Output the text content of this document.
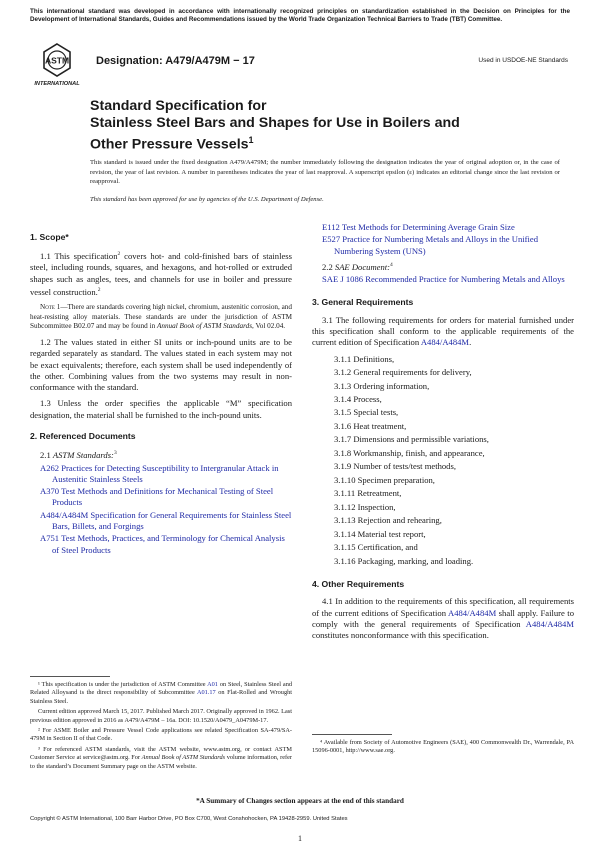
This international standard was developed in accordance with internationally recognized principles on standardization established in the Decision on Principles for the Development of International Standards, Guides and Recommendations issued by the World Trade Organization Technical Barriers to Trade (TBT) Committee.
ASTM
INTERNATIONAL
Designation: A479/A479M − 17	Used in USDOE-NE Standards
Standard Specification for
Stainless Steel Bars and Shapes for Use in Boilers and
Other Pressure Vessels$^1$
This standard is issued under the fixed designation A479/A479M; the number immediately following the designation indicates the year of original adoption or, in the case of revision, the year of last revision. A number in parentheses indicates the year of last reapproval. A superscript epsilon (ε) indicates an editorial change since the last revision or reapproval.
This standard has been approved for use by agencies of the U.S. Department of Defense.
1. Scope*

1.1 This specification$^2$ covers hot- and cold-finished bars of stainless steel, including rounds, squares, and hexagons, and hot-rolled or extruded shapes such as angles, tees, and channels for use in boiler and pressure vessel construction.$^2$

Note 1—There are standards covering high nickel, chromium, austenitic corrosion, and heat-resisting alloy materials. These standards are under the jurisdiction of ASTM Subcommittee B02.07 and may be found in Annual Book of ASTM Standards, Vol 02.04.

1.2 The values stated in either SI units or inch-pound units are to be regarded separately as standard. The values stated in each system may not be exact equivalents; therefore, each system shall be used independently of the other. Combining values from the two systems may result in non-conformance with the standard.

1.3 Unless the order specifies the applicable “M” specification designation, the material shall be furnished to the inch-pound units.

2. Referenced Documents

2.1 ASTM Standards:$^3$

A262 Practices for Detecting Susceptibility to Intergranular Attack in Austenitic Stainless Steels
A370 Test Methods and Definitions for Mechanical Testing of Steel Products
A484/A484M Specification for General Requirements for Stainless Steel Bars, Billets, and Forgings
A751 Test Methods, Practices, and Terminology for Chemical Analysis of Steel Products

¹ This specification is under the jurisdiction of ASTM Committee A01 on Steel, Stainless Steel and Related Alloysand is the direct responsibility of Subcommittee A01.17 on Flat-Rolled and Wrought Stainless Steel.

Current edition approved March 15, 2017. Published March 2017. Originally approved in 1962. Last previous edition approved in 2016 as A479/A479M – 16a. DOI: 10.1520/A0479_A0479M-17.

² For ASME Boiler and Pressure Vessel Code applications see related Specification SA-479/SA-479M in Section II of that Code.

³ For referenced ASTM standards, visit the ASTM website, www.astm.org, or contact ASTM Customer Service at service@astm.org. For Annual Book of ASTM Standards volume information, refer to the standard’s Document Summary page on the ASTM website.

E112 Test Methods for Determining Average Grain Size
E527 Practice for Numbering Metals and Alloys in the Unified Numbering System (UNS)

2.2 SAE Document:$^4$

SAE J 1086 Recommended Practice for Numbering Metals and Alloys
3. General Requirements

3.1 The following requirements for orders for material furnished under this specification shall conform to the applicable requirements of the current edition of Specification A484/A484M.

3.1.1 Definitions,
3.1.2 General requirements for delivery,
3.1.3 Ordering information,
3.1.4 Process,
3.1.5 Special tests,
3.1.6 Heat treatment,
3.1.7 Dimensions and permissible variations,
3.1.8 Workmanship, finish, and appearance,
3.1.9 Number of tests/test methods,
3.1.10 Specimen preparation,
3.1.11 Retreatment,
3.1.12 Inspection,
3.1.13 Rejection and rehearing,
3.1.14 Material test report,
3.1.15 Certification, and
3.1.16 Packaging, marking, and loading.
4. Other Requirements

4.1 In addition to the requirements of this specification, all requirements of the current editions of Specification A484/A484M shall apply. Failure to comply with the general requirements of Specification A484/A484M constitutes nonconformance with this specification.

⁴ Available from Society of Automotive Engineers (SAE), 400 Commonwealth Dr., Warrendale, PA 15096-0001, http://www.sae.org.

*A Summary of Changes section appears at the end of this standard
Copyright © ASTM International, 100 Barr Harbor Drive, PO Box C700, West Conshohocken, PA 19428-2959. United States
1
